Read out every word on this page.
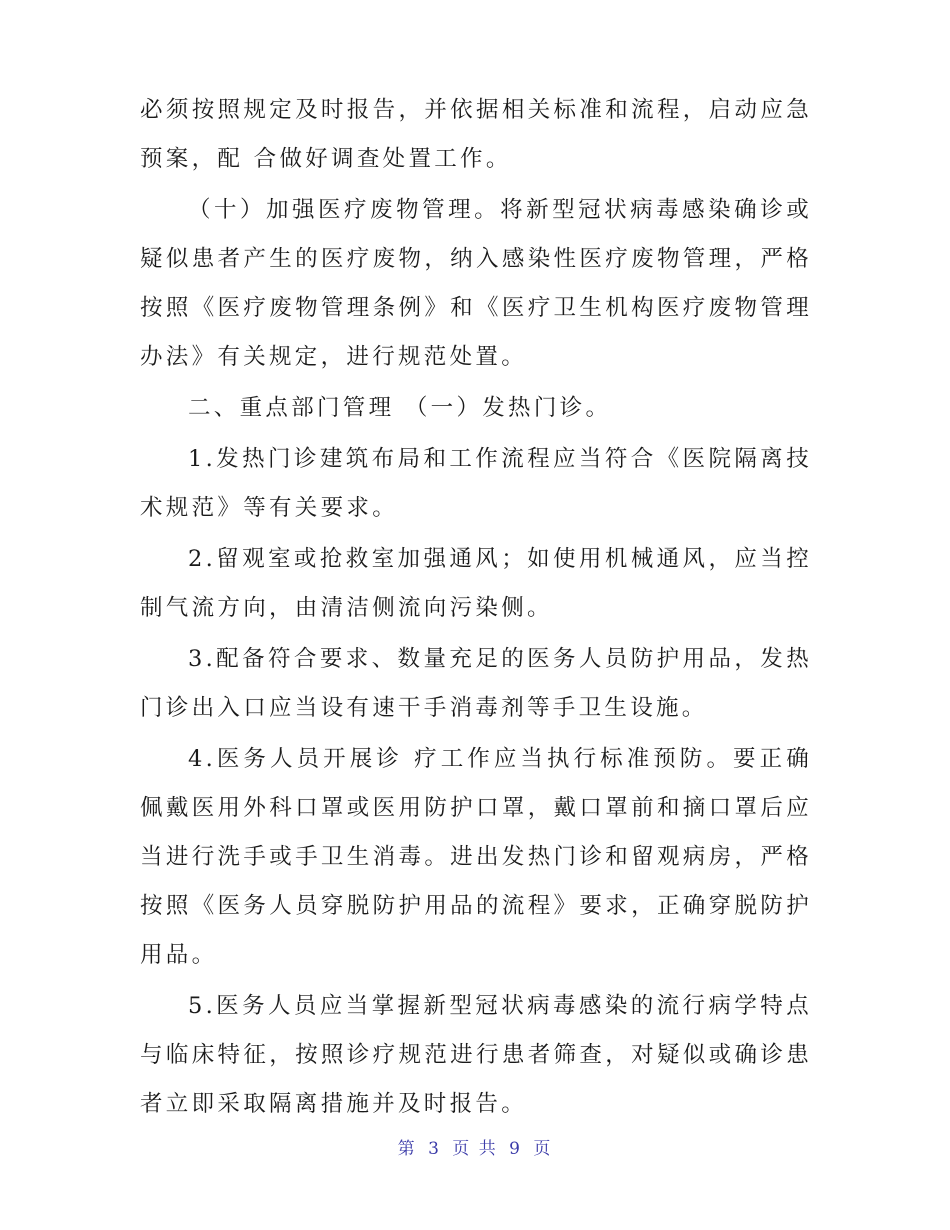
必须按照规定及时报告，并依据相关标准和流程，启动应急预案，配 合做好调查处置工作。

（十）加强医疗废物管理。将新型冠状病毒感染确诊或疑似患者产生的医疗废物，纳入感染性医疗废物管理，严格按照《医疗废物管理条例》和《医疗卫生机构医疗废物管理办法》有关规定，进行规范处置。

二、重点部门管理 （一）发热门诊。

1.发热门诊建筑布局和工作流程应当符合《医院隔离技术规范》等有关要求。

2.留观室或抢救室加强通风；如使用机械通风，应当控制气流方向，由清洁侧流向污染侧。

3.配备符合要求、数量充足的医务人员防护用品，发热门诊出入口应当设有速干手消毒剂等手卫生设施。

4.医务人员开展诊 疗工作应当执行标准预防。要正确佩戴医用外科口罩或医用防护口罩，戴口罩前和摘口罩后应当进行洗手或手卫生消毒。进出发热门诊和留观病房，严格按照《医务人员穿脱防护用品的流程》要求，正确穿脱防护用品。

5.医务人员应当掌握新型冠状病毒感染的流行病学特点与临床特征，按照诊疗规范进行患者筛查，对疑似或确诊患者立即采取隔离措施并及时报告。

第 3 页 共 9 页
